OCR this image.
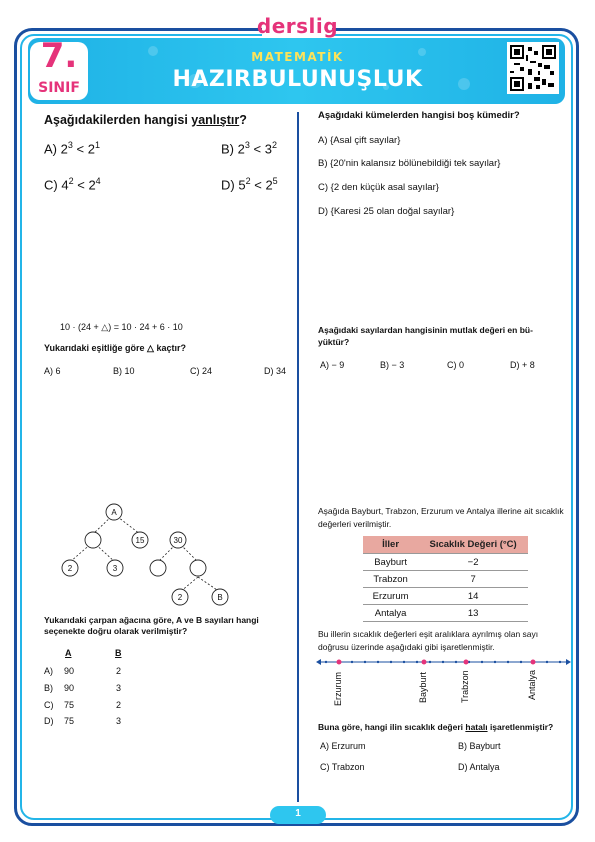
derslig
7.
SINIF
MATEMATİK
HAZIRBULUNUŞLUK
Aşağıdakilerden hangisi yanlıştır?
A) $2^3 < 2^1$	B) $2^3 < 3^2$
C) $4^2 < 2^4$	D) $5^2 < 2^5$
Aşağıdaki kümelerden hangisi boş kümedir?
A) {Asal çift sayılar}
B) {20'nin kalansız bölünebildiği tek sayılar}
C) {2 den küçük asal sayılar}
D) {Karesi 25 olan doğal sayılar}
10 · (24 + △) = 10 · 24 + 6 · 10
Yukarıdaki eşitliğe göre △ kaçtır?
A) 6	B) 10	C) 24	D) 34
Aşağıdaki sayılardan hangisinin mutlak değeri en bü-
yüktür?
A) − 9	B) − 3	C) 0	D) + 8
A
15	30
2	3
2	B
Yukarıdaki çarpan ağacına göre, A ve B sayıları hangi seçenekte doğru olarak verilmiştir?
A	B
A) 90	2
B) 90	3
C) 75	2
D) 75	3
Aşağıda Bayburt, Trabzon, Erzurum ve Antalya illerine ait sıcaklık değerleri verilmiştir.
İller	Sıcaklık Değeri (°C)
Bayburt	−2
Trabzon	7
Erzurum	14
Antalya	13
Bu illerin sıcaklık değerleri eşit aralıklara ayrılmış olan sayı doğrusu üzerinde aşağıdaki gibi işaretlenmiştir.
Erzurum	Bayburt	Trabzon	Antalya
Buna göre, hangi ilin sıcaklık değeri hatalı işaretlenmiştir?
A) Erzurum	B) Bayburt
C) Trabzon	D) Antalya
1
